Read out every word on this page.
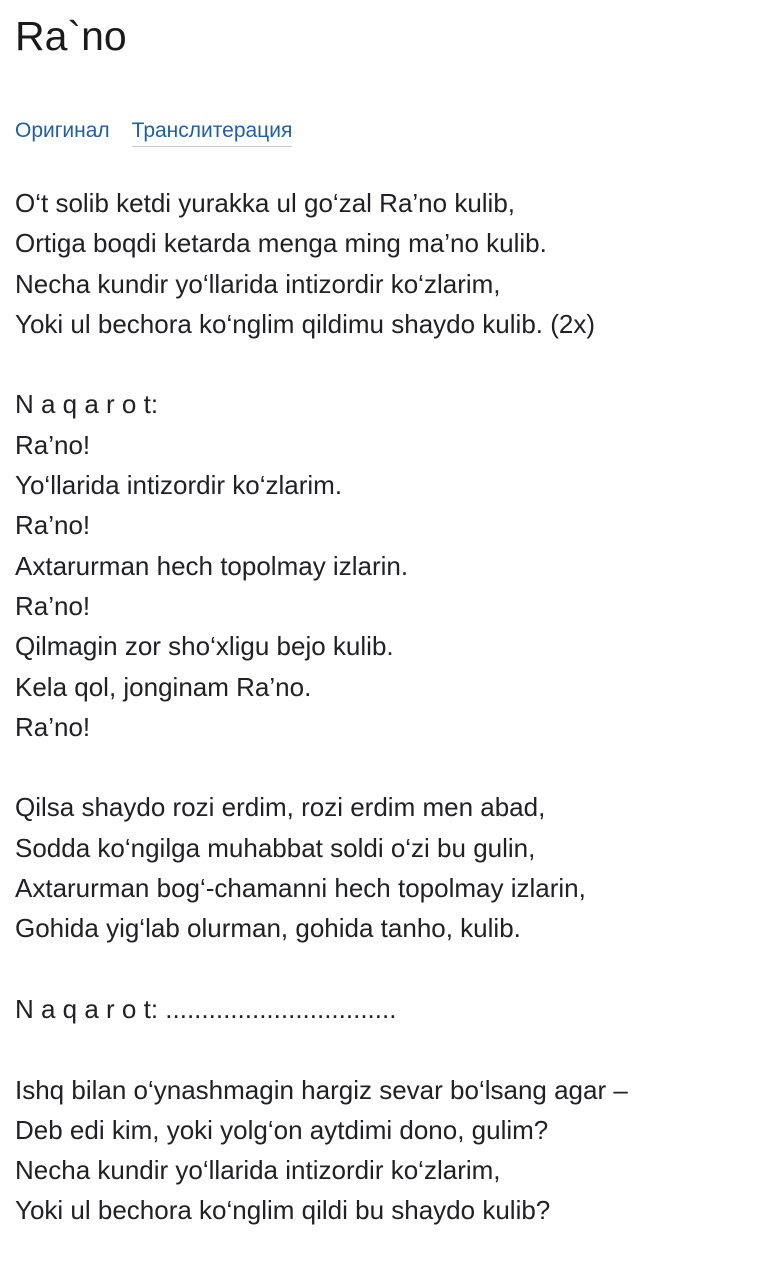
Ra`no
Оригинал Транслитерация

O‘t solib ketdi yurakka ul go‘zal Ra’no kulib,
Ortiga boqdi ketarda menga ming ma’no kulib.
Necha kundir yo‘llarida intizordir ko‘zlarim,
Yoki ul bechora ko‘nglim qildimu shaydo kulib. (2x)

N a q a r o t:
Ra’no!
Yo‘llarida intizordir ko‘zlarim.
Ra’no!
Axtarurman hech topolmay izlarin.
Ra’no!
Qilmagin zor sho‘xligu bejo kulib.
Kela qol, jonginam Ra’no.
Ra’no!

Qilsa shaydo rozi erdim, rozi erdim men abad,
Sodda ko‘ngilga muhabbat soldi o‘zi bu gulin,
Axtarurman bog‘-chamanni hech topolmay izlarin,
Gohida yig‘lab olurman, gohida tanho, kulib.

N a q a r o t: ................................

Ishq bilan o‘ynashmagin hargiz sevar bo‘lsang agar –
Deb edi kim, yoki yolg‘on aytdimi dono, gulim?
Necha kundir yo‘llarida intizordir ko‘zlarim,
Yoki ul bechora ko‘nglim qildi bu shaydo kulib?
